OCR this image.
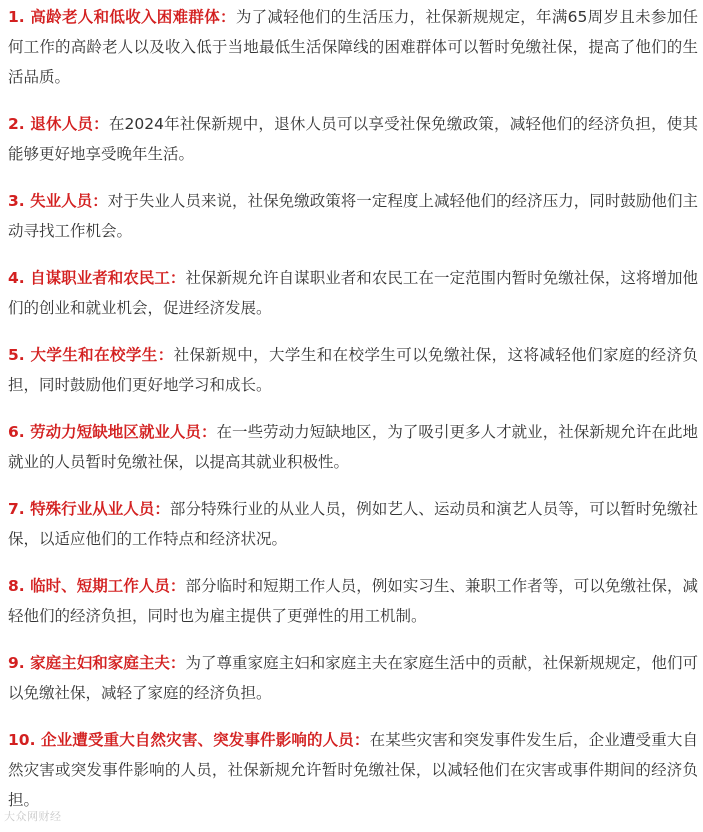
1. 高龄老人和低收入困难群体：为了减轻他们的生活压力，社保新规规定，年满65周岁且未参加任何工作的高龄老人以及收入低于当地最低生活保障线的困难群体可以暂时免缴社保，提高了他们的生活品质。

2. 退休人员：在2024年社保新规中，退休人员可以享受社保免缴政策，减轻他们的经济负担，使其能够更好地享受晚年生活。

3. 失业人员：对于失业人员来说，社保免缴政策将一定程度上减轻他们的经济压力，同时鼓励他们主动寻找工作机会。

4. 自谋职业者和农民工：社保新规允许自谋职业者和农民工在一定范围内暂时免缴社保，这将增加他们的创业和就业机会，促进经济发展。

5. 大学生和在校学生：社保新规中，大学生和在校学生可以免缴社保，这将减轻他们家庭的经济负担，同时鼓励他们更好地学习和成长。

6. 劳动力短缺地区就业人员：在一些劳动力短缺地区，为了吸引更多人才就业，社保新规允许在此地就业的人员暂时免缴社保，以提高其就业积极性。

7. 特殊行业从业人员：部分特殊行业的从业人员，例如艺人、运动员和演艺人员等，可以暂时免缴社保，以适应他们的工作特点和经济状况。

8. 临时、短期工作人员：部分临时和短期工作人员，例如实习生、兼职工作者等，可以免缴社保，减轻他们的经济负担，同时也为雇主提供了更弹性的用工机制。

9. 家庭主妇和家庭主夫：为了尊重家庭主妇和家庭主夫在家庭生活中的贡献，社保新规规定，他们可以免缴社保，减轻了家庭的经济负担。

10. 企业遭受重大自然灾害、突发事件影响的人员：在某些灾害和突发事件发生后，企业遭受重大自然灾害或突发事件影响的人员，社保新规允许暂时免缴社保，以减轻他们在灾害或事件期间的经济负担。

大众网财经
